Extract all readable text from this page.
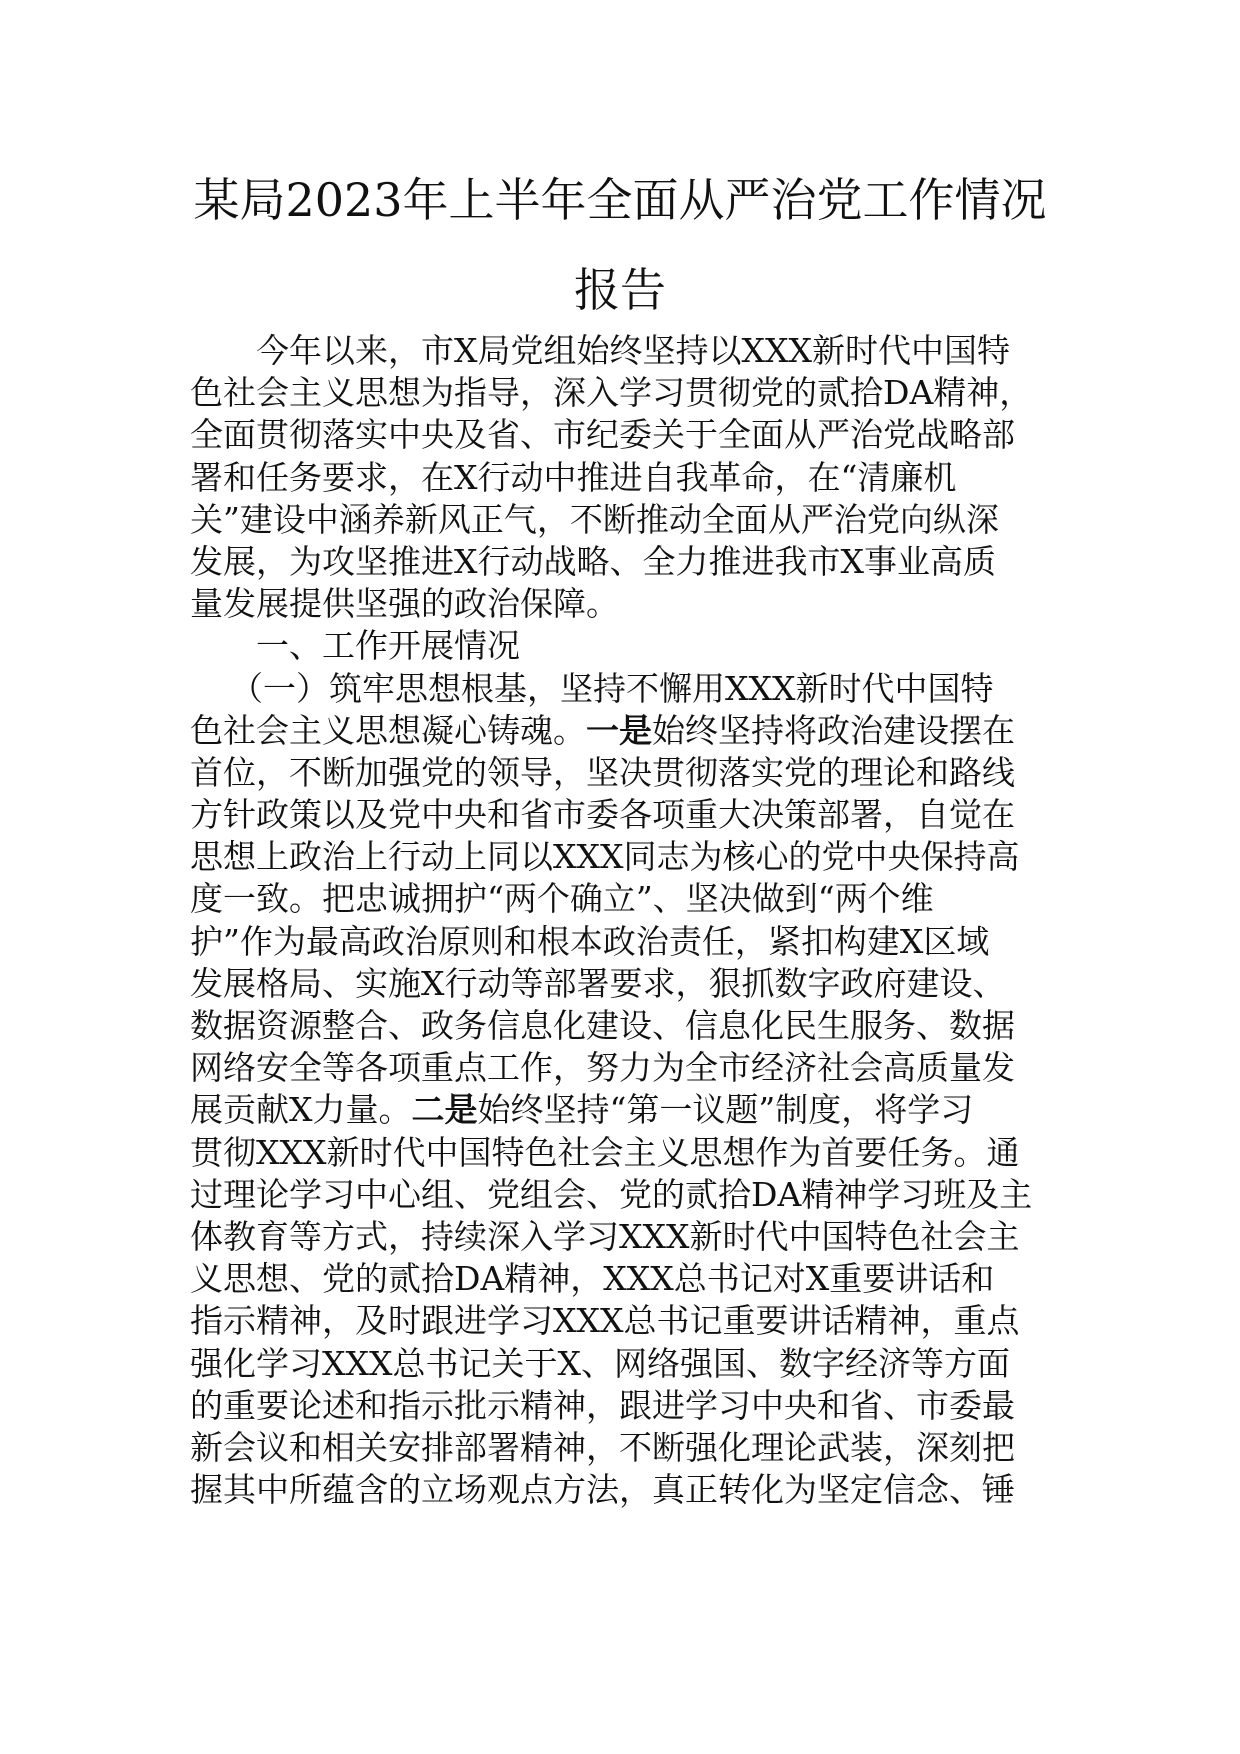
某局2023年上半年全面从严治党工作情况
报告
今年以来，市X局党组始终坚持以XXX新时代中国特
色社会主义思想为指导，深入学习贯彻党的贰拾DA精神，
全面贯彻落实中央及省、市纪委关于全面从严治党战略部
署和任务要求，在X行动中推进自我革命，在“清廉机
关”建设中涵养新风正气，不断推动全面从严治党向纵深
发展，为攻坚推进X行动战略、全力推进我市X事业高质
量发展提供坚强的政治保障。
一、工作开展情况
（一）筑牢思想根基，坚持不懈用XXX新时代中国特
色社会主义思想凝心铸魂。一是始终坚持将政治建设摆在
首位，不断加强党的领导，坚决贯彻落实党的理论和路线
方针政策以及党中央和省市委各项重大决策部署，自觉在
思想上政治上行动上同以XXX同志为核心的党中央保持高
度一致。把忠诚拥护“两个确立”、坚决做到“两个维
护”作为最高政治原则和根本政治责任，紧扣构建X区域
发展格局、实施X行动等部署要求，狠抓数字政府建设、
数据资源整合、政务信息化建设、信息化民生服务、数据
网络安全等各项重点工作，努力为全市经济社会高质量发
展贡献X力量。二是始终坚持“第一议题”制度，将学习
贯彻XXX新时代中国特色社会主义思想作为首要任务。通
过理论学习中心组、党组会、党的贰拾DA精神学习班及主
体教育等方式，持续深入学习XXX新时代中国特色社会主
义思想、党的贰拾DA精神，XXX总书记对X重要讲话和
指示精神，及时跟进学习XXX总书记重要讲话精神，重点
强化学习XXX总书记关于X、网络强国、数字经济等方面
的重要论述和指示批示精神，跟进学习中央和省、市委最
新会议和相关安排部署精神，不断强化理论武装，深刻把
握其中所蕴含的立场观点方法，真正转化为坚定信念、锤
